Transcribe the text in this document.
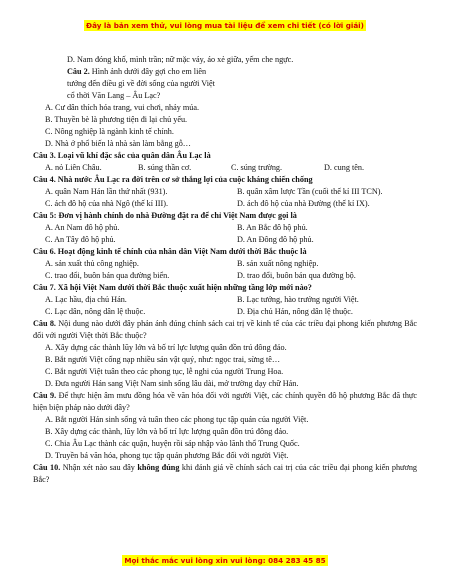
Đây là bản xem thử, vui lòng mua tài liệu để xem chi tiết (có lời giải)
D. Nam đóng khố, mình trần; nữ mặc váy, áo xẻ giữa, yếm che ngực.
Câu 2. Hình ảnh dưới đây gợi cho em liên
tưởng đến điều gì về đời sống của người Việt
cổ thời Văn Lang – Âu Lạc?
A. Cư dân thích hóa trang, vui chơi, nhảy múa.
B. Thuyền bè là phương tiện đi lại chủ yếu.
C. Nông nghiệp là ngành kinh tế chính.
D. Nhà ở phổ biến là nhà sàn làm bằng gỗ…
Câu 3. Loại vũ khí đặc sắc của quân dân Âu Lạc là
A. nỏ Liên Châu.	B. súng thần cơ.	C. súng trường.	D. cung tên.
Câu 4. Nhà nước Âu Lạc ra đời trên cơ sở thắng lợi của cuộc kháng chiến chống
A. quân Nam Hán lần thứ nhất (931).	B. quân xâm lược Tần (cuối thế kỉ III TCN).
C. ách đô hộ của nhà Ngô (thế kỉ III).	D. ách đô hộ của nhà Đường (thế kỉ IX).
Câu 5: Đơn vị hành chính do nhà Đường đặt ra để chỉ Việt Nam được gọi là
A. An Nam đô hộ phủ.	B. An Bắc đô hộ phủ.
C. An Tây đô hộ phủ.	D. An Đông đô hộ phủ.
Câu 6. Hoạt động kinh tế chính của nhân dân Việt Nam dưới thời Bắc thuộc là
A. sản xuất thủ công nghiệp.	B. sản xuất nông nghiệp.
C. trao đổi, buôn bán qua đường biển.	D. trao đổi, buôn bán qua đường bộ.
Câu 7. Xã hội Việt Nam dưới thời Bắc thuộc xuất hiện những tầng lớp mới nào?
A. Lạc hầu, địa chủ Hán.	B. Lạc tướng, hào trưởng người Việt.
C. Lạc dân, nông dân lệ thuộc.	D. Địa chủ Hán, nông dân lệ thuộc.
Câu 8. Nội dung nào dưới đây phản ánh đúng chính sách cai trị về kinh tế của các triều đại phong kiến phương Bắc đối với người Việt thời Bắc thuộc?
A. Xây dựng các thành lũy lớn và bố trí lực lượng quân đồn trú đông đảo.
B. Bắt người Việt cống nạp nhiều sản vật quý, như: ngọc trai, sừng tê…
C. Bắt người Việt tuân theo các phong tục, lễ nghi của người Trung Hoa.
D. Đưa người Hán sang Việt Nam sinh sống lâu dài, mở trường dạy chữ Hán.
Câu 9. Để thực hiện âm mưu đồng hóa về văn hóa đối với người Việt, các chính quyền đô hộ phương Bắc đã thực hiện biện pháp nào dưới đây?
A. Bắt người Hán sinh sống và tuân theo các phong tục tập quán của người Việt.
B. Xây dựng các thành, lũy lớn và bố trí lực lượng quân đồn trú đông đảo.
C. Chia Âu Lạc thành các quận, huyện rồi sáp nhập vào lãnh thổ Trung Quốc.
D. Truyền bá văn hóa, phong tục tập quán phương Bắc đối với người Việt.
Câu 10. Nhận xét nào sau đây không đúng khi đánh giá về chính sách cai trị của các triều đại phong kiến phương Bắc?
Mọi thắc mắc vui lòng xin vui lòng: 084 283 45 85
